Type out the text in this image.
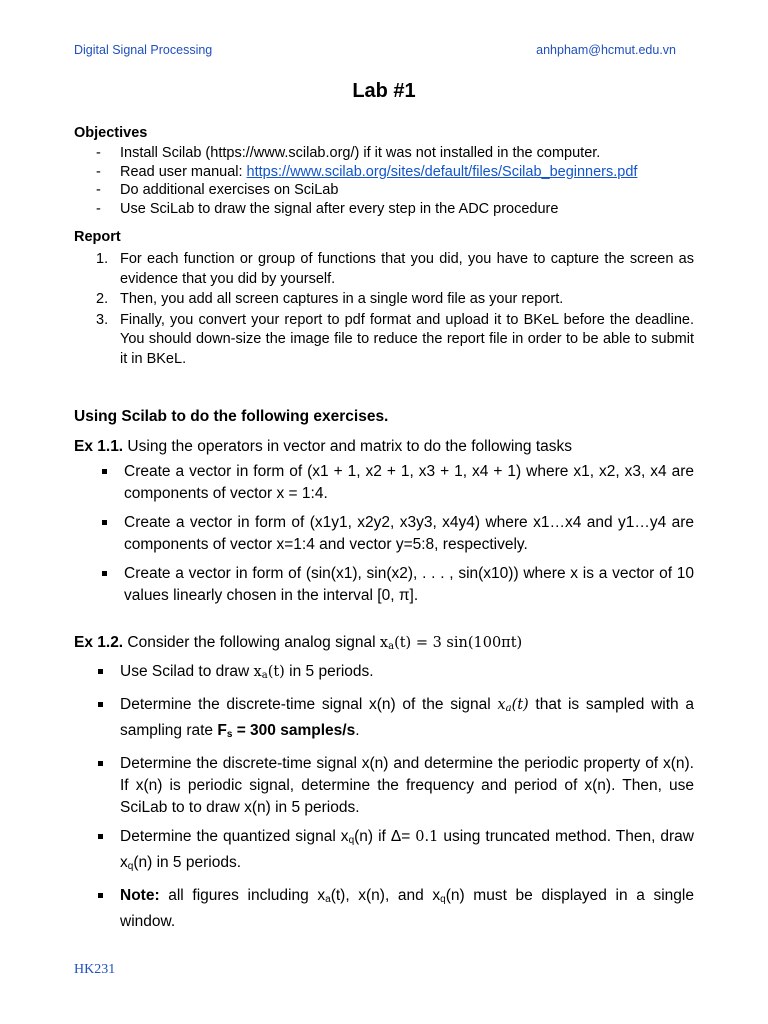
Digital Signal Processing	anhpham@hcmut.edu.vn
Lab #1

Objectives

- Install Scilab (https://www.scilab.org/) if it was not installed in the computer.
- Read user manual: https://www.scilab.org/sites/default/files/Scilab_beginners.pdf
- Do additional exercises on SciLab
- Use SciLab to draw the signal after every step in the ADC procedure

Report

1. For each function or group of functions that you did, you have to capture the screen as evidence that you did by yourself.
2. Then, you add all screen captures in a single word file as your report.
3. Finally, you convert your report to pdf format and upload it to BKeL before the deadline. You should down-size the image file to reduce the report file in order to be able to submit it in BKeL.

Using Scilab to do the following exercises.

Ex 1.1. Using the operators in vector and matrix to do the following tasks

Create a vector in form of (x1 + 1, x2 + 1, x3 + 1, x4 + 1) where x1, x2, x3, x4 are components of vector x = 1:4.
Create a vector in form of (x1y1, x2y2, x3y3, x4y4) where x1…x4 and y1…y4 are components of vector x=1:4 and vector y=5:8, respectively.
Create a vector in form of (sin(x1), sin(x2), . . . , sin(x10)) where x is a vector of 10 values linearly chosen in the interval [0, π].

Ex 1.2. Consider the following analog signal $x_a(t) = 3$ sin(100πt)

Use Scilad to draw $x_a(t)$ in 5 periods.
Determine the discrete-time signal x(n) of the signal $x_a(t)$ that is sampled with a sampling rate $F_s = 300$ samples/s.
Determine the discrete-time signal x(n) and determine the periodic property of x(n). If x(n) is periodic signal, determine the frequency and period of x(n). Then, use SciLab to to draw x(n) in 5 periods.
Determine the quantized signal $x_q(n)$ if Δ= 0.1 using truncated method. Then, draw $x_q(n)$ in 5 periods.
Note: all figures including $x_a(t)$, x(n), and $x_q(n)$ must be displayed in a single window.
HK231
